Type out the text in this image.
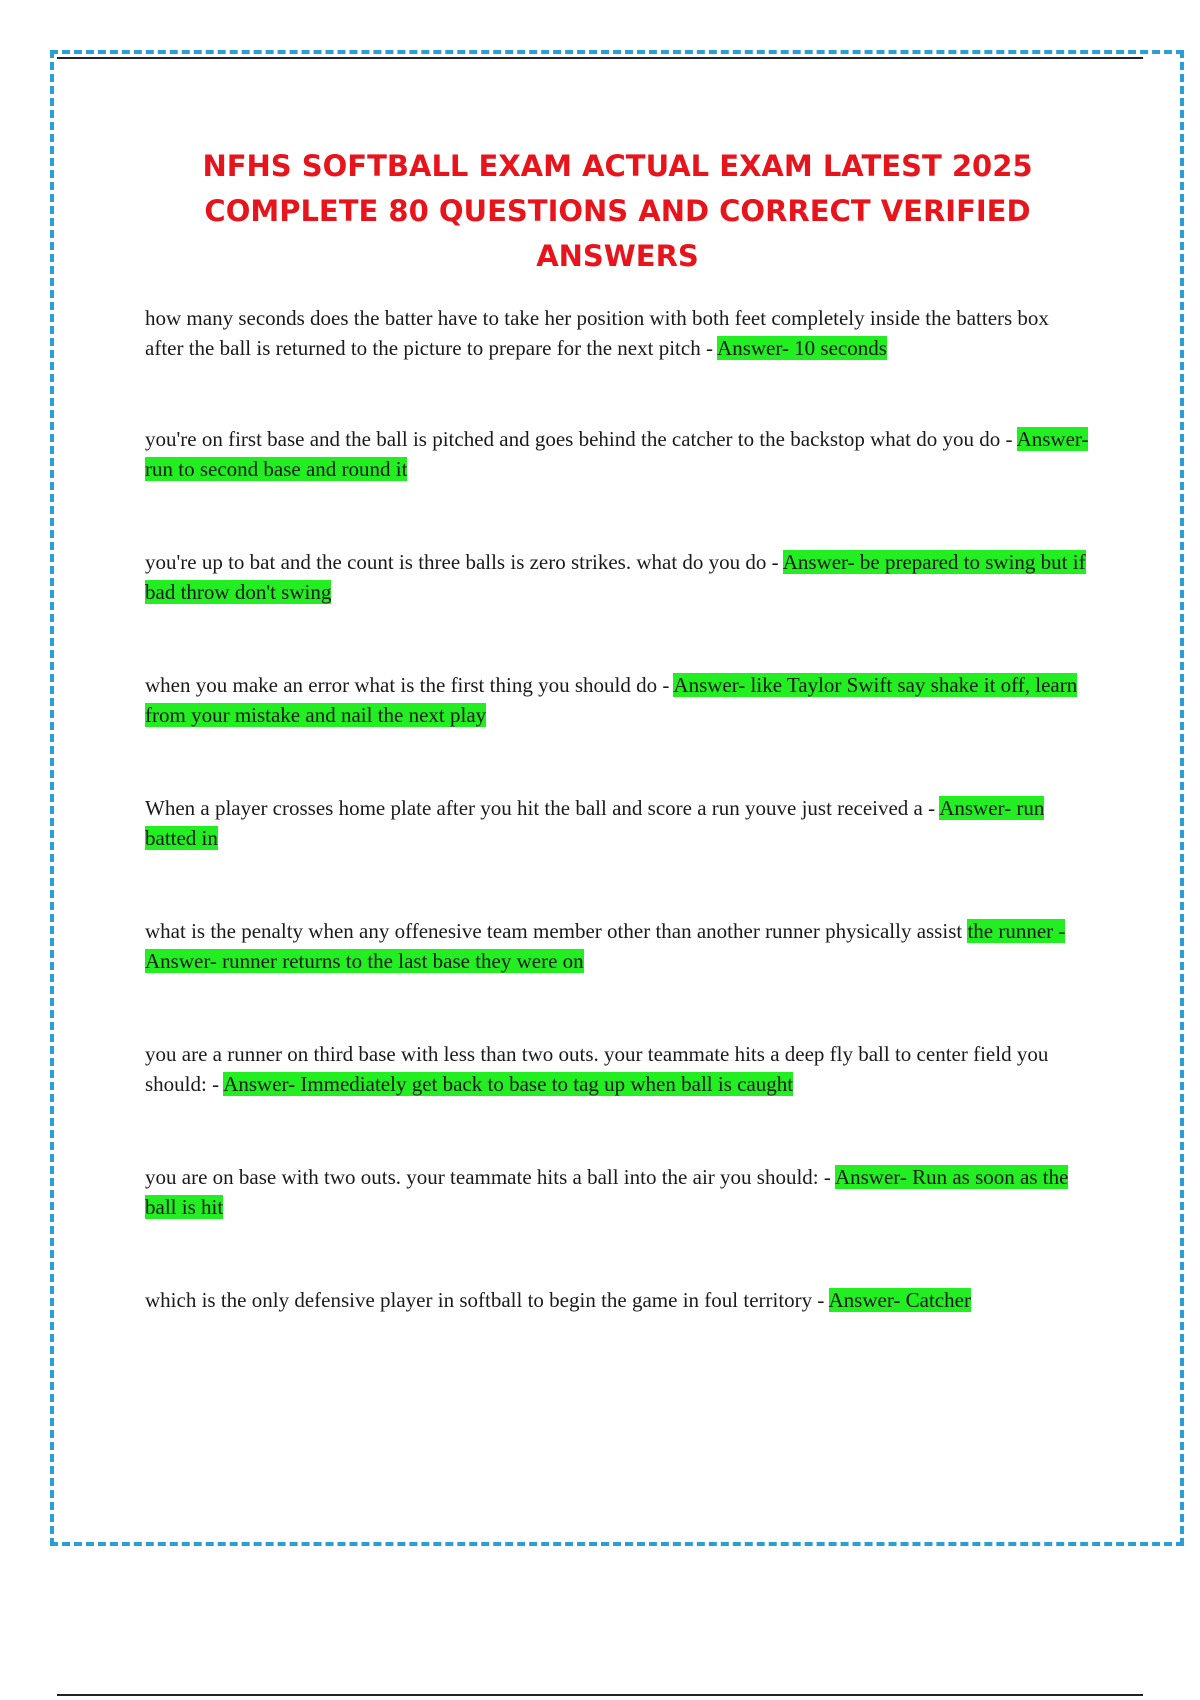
NFHS SOFTBALL EXAM ACTUAL EXAM LATEST 2025 COMPLETE 80 QUESTIONS AND CORRECT VERIFIED ANSWERS
how many seconds does the batter have to take her position with both feet completely inside the batters box after the ball is returned to the picture to prepare for the next pitch - Answer- 10 seconds
you're on first base and the ball is pitched and goes behind the catcher to the backstop what do you do - Answer- run to second base and round it
you're up to bat and the count is three balls is zero strikes. what do you do - Answer- be prepared to swing but if bad throw don't swing
when you make an error what is the first thing you should do - Answer- like Taylor Swift say shake it off, learn from your mistake and nail the next play
When a player crosses home plate after you hit the ball and score a run youve just received a - Answer- run batted in
what is the penalty when any offenesive team member other than another runner physically assist the runner - Answer- runner returns to the last base they were on
you are a runner on third base with less than two outs. your teammate hits a deep fly ball to center field you should: - Answer- Immediately get back to base to tag up when ball is caught
you are on base with two outs. your teammate hits a ball into the air you should: - Answer- Run as soon as the ball is hit
which is the only defensive player in softball to begin the game in foul territory - Answer- Catcher
